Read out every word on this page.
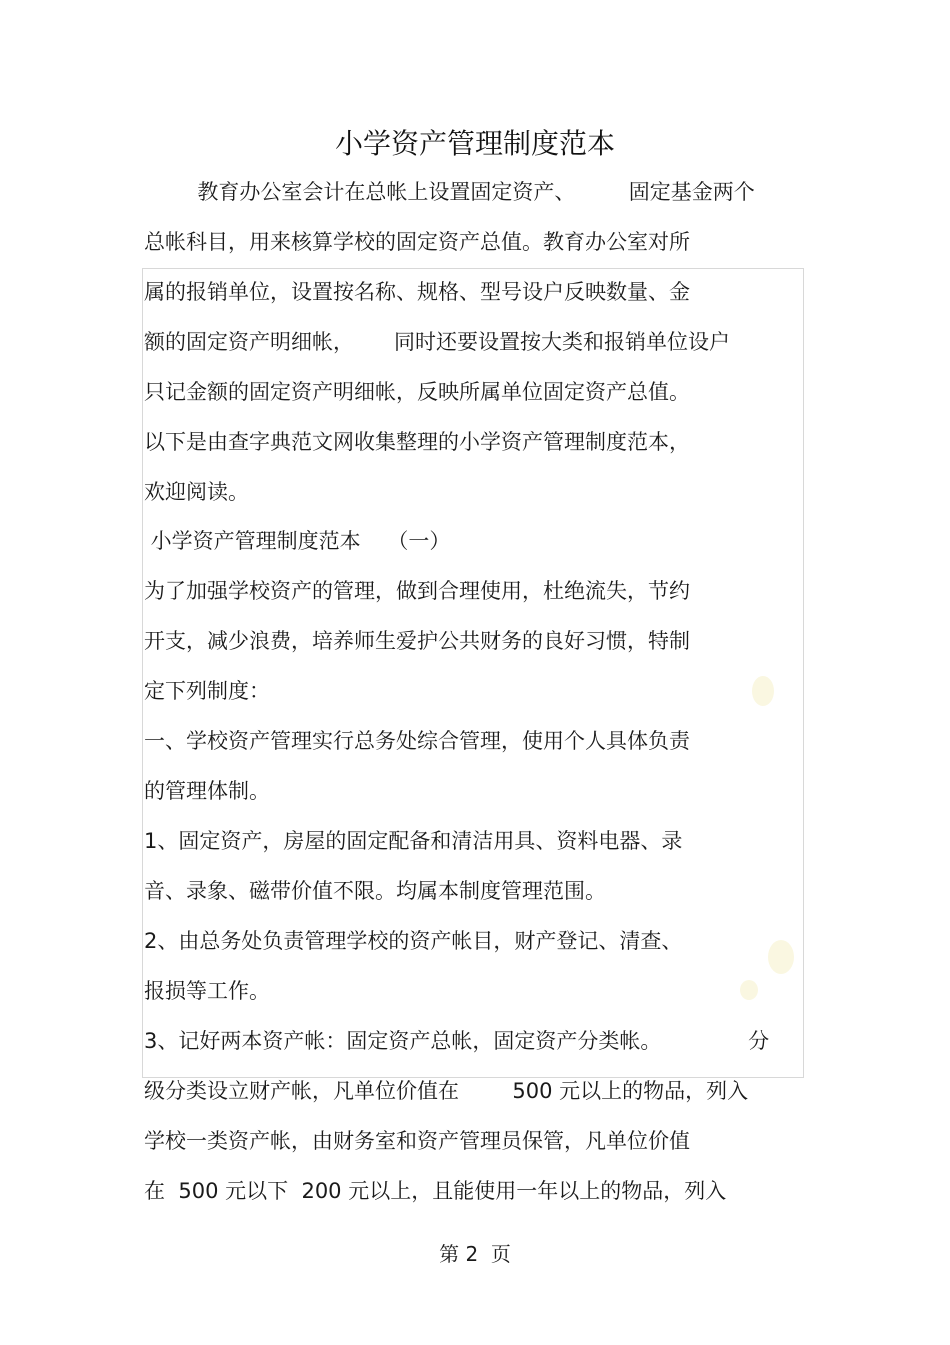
小学资产管理制度范本
教育办公室会计在总帐上设置固定资产、        固定基金两个
总帐科目，用来核算学校的固定资产总值。教育办公室对所
属的报销单位，设置按名称、规格、型号设户反映数量、金
额的固定资产明细帐，      同时还要设置按大类和报销单位设户
只记金额的固定资产明细帐，反映所属单位固定资产总值。
以下是由查字典范文网收集整理的小学资产管理制度范本，
欢迎阅读。
小学资产管理制度范本    （一）
为了加强学校资产的管理，做到合理使用，杜绝流失，节约
开支，减少浪费，培养师生爱护公共财务的良好习惯，特制
定下列制度：
一、学校资产管理实行总务处综合管理，使用个人具体负责
的管理体制。
1、固定资产，房屋的固定配备和清洁用具、资料电器、录
音、录象、磁带价值不限。均属本制度管理范围。
2、由总务处负责管理学校的资产帐目，财产登记、清查、
报损等工作。
3、记好两本资产帐：固定资产总帐，固定资产分类帐。             分
级分类设立财产帐，凡单位价值在        500 元以上的物品，列入
学校一类资产帐，由财务室和资产管理员保管，凡单位价值
在  500 元以下  200 元以上，且能使用一年以上的物品，列入
第 2  页
